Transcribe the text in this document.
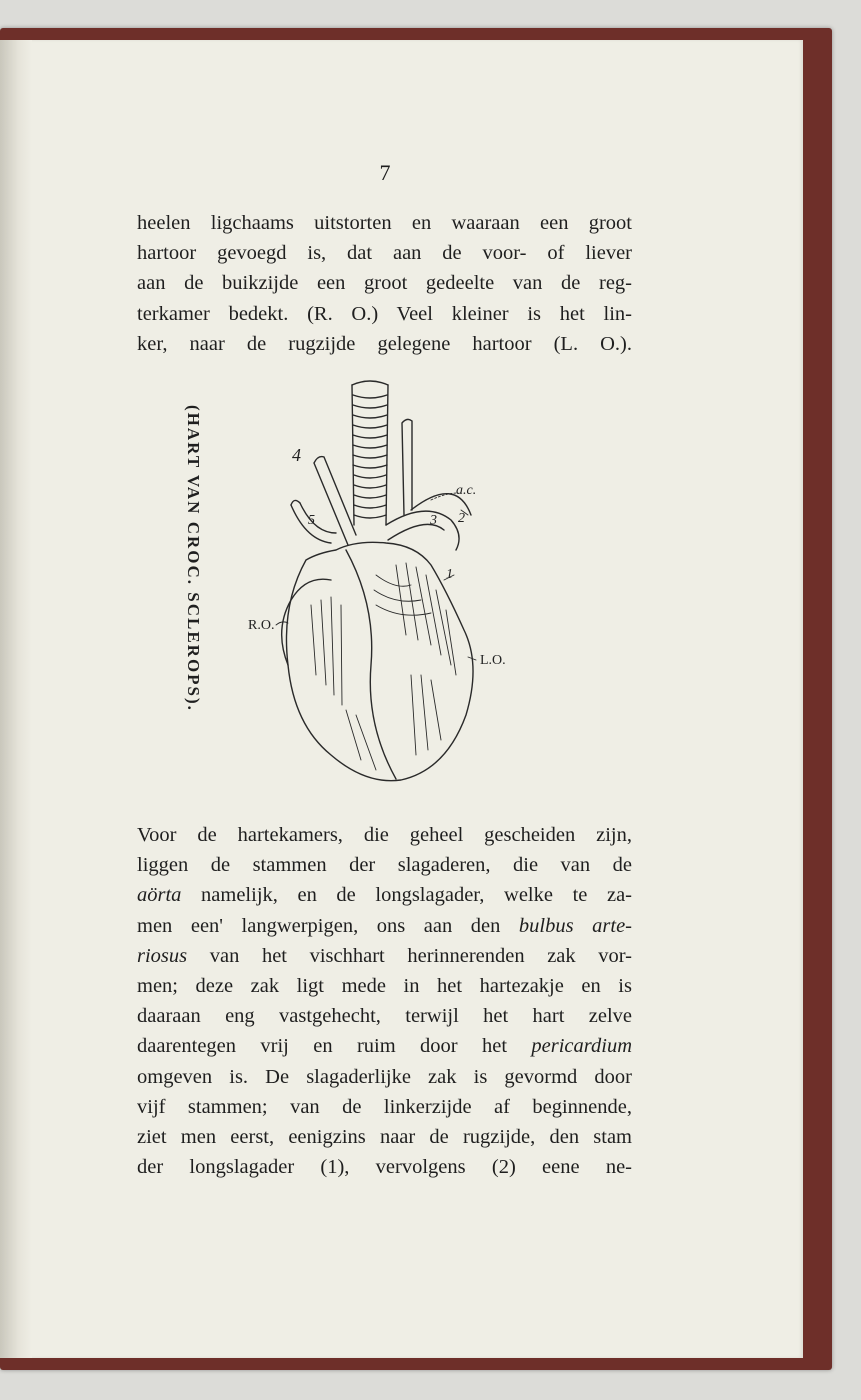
7
heelen ligchaams uitstorten en waaraan een groot
hartoor gevoegd is, dat aan de voor- of liever
aan de buikzijde een groot gedeelte van de reg-
terkamer bedekt. (R. O.) Veel kleiner is het lin-
ker, naar de rugzijde gelegene hartoor (L. O.).
(HART VAN CROC. SCLEROPS).	R.O.
L.O.
a.c.
1
2
3
4
5
Voor de hartekamers, die geheel gescheiden zijn,
liggen de stammen der slagaderen, die van de
aörta namelijk, en de longslagader, welke te za-
men een' langwerpigen, ons aan den bulbus arte-
riosus van het vischhart herinnerenden zak vor-
men; deze zak ligt mede in het hartezakje en is
daaraan eng vastgehecht, terwijl het hart zelve
daarentegen vrij en ruim door het pericardium
omgeven is. De slagaderlijke zak is gevormd door
vijf stammen; van de linkerzijde af beginnende,
ziet men eerst, eenigzins naar de rugzijde, den stam
der longslagader (1), vervolgens (2) eene ne-
